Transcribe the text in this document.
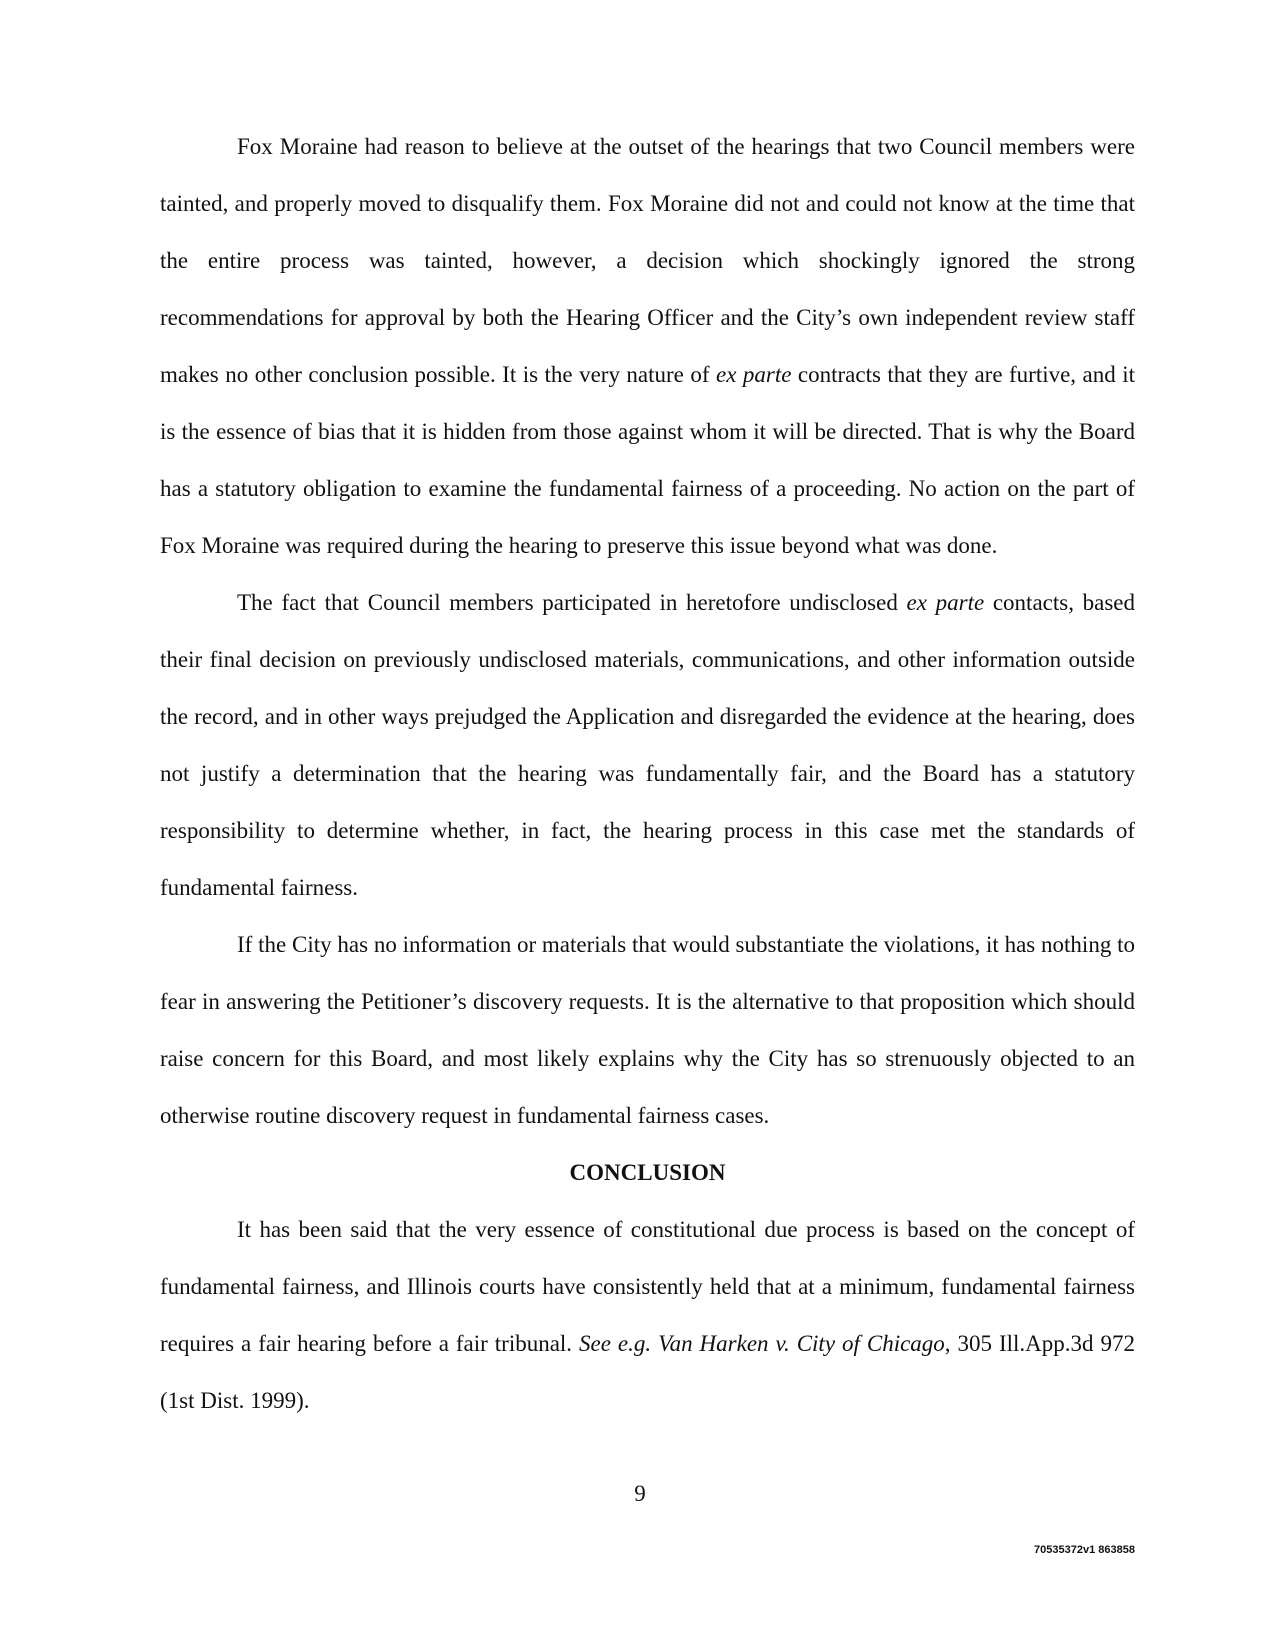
Fox Moraine had reason to believe at the outset of the hearings that two Council members were tainted, and properly moved to disqualify them. Fox Moraine did not and could not know at the time that the entire process was tainted, however, a decision which shockingly ignored the strong recommendations for approval by both the Hearing Officer and the City’s own independent review staff makes no other conclusion possible. It is the very nature of ex parte contracts that they are furtive, and it is the essence of bias that it is hidden from those against whom it will be directed. That is why the Board has a statutory obligation to examine the fundamental fairness of a proceeding. No action on the part of Fox Moraine was required during the hearing to preserve this issue beyond what was done.

The fact that Council members participated in heretofore undisclosed ex parte contacts, based their final decision on previously undisclosed materials, communications, and other information outside the record, and in other ways prejudged the Application and disregarded the evidence at the hearing, does not justify a determination that the hearing was fundamentally fair, and the Board has a statutory responsibility to determine whether, in fact, the hearing process in this case met the standards of fundamental fairness.

If the City has no information or materials that would substantiate the violations, it has nothing to fear in answering the Petitioner’s discovery requests. It is the alternative to that proposition which should raise concern for this Board, and most likely explains why the City has so strenuously objected to an otherwise routine discovery request in fundamental fairness cases.

CONCLUSION

It has been said that the very essence of constitutional due process is based on the concept of fundamental fairness, and Illinois courts have consistently held that at a minimum, fundamental fairness requires a fair hearing before a fair tribunal. See e.g. Van Harken v. City of Chicago, 305 Ill.App.3d 972 (1st Dist. 1999).

9
70535372v1 863858
